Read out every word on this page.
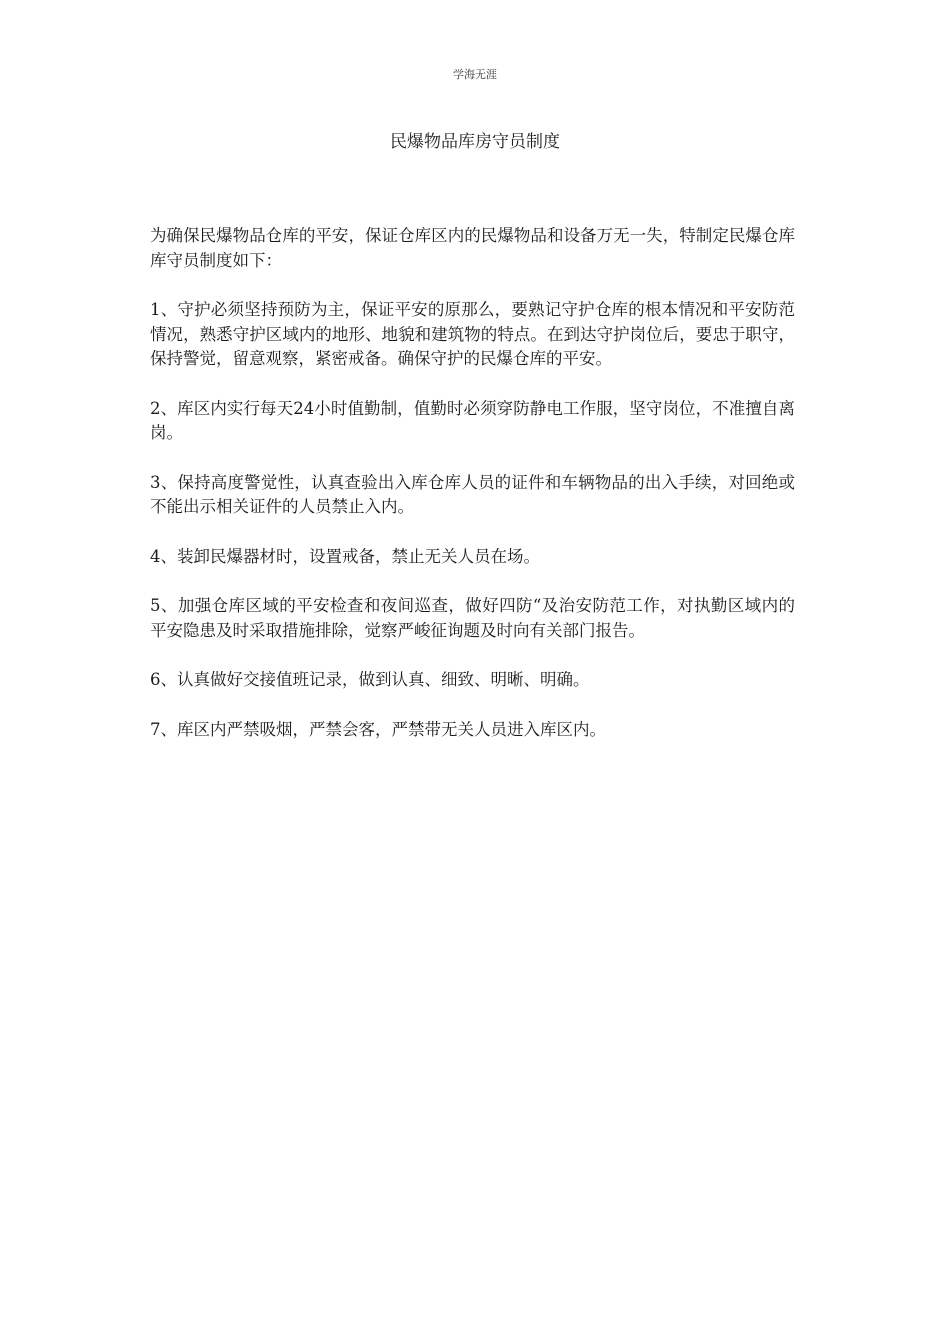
学海无涯
民爆物品库房守员制度

为确保民爆物品仓库的平安，保证仓库区内的民爆物品和设备万无一失，特制定民爆仓库库守员制度如下：

1、守护必须坚持预防为主，保证平安的原那么，要熟记守护仓库的根本情况和平安防范情况，熟悉守护区域内的地形、地貌和建筑物的特点。在到达守护岗位后，要忠于职守，保持警觉，留意观察，紧密戒备。确保守护的民爆仓库的平安。

2、库区内实行每天24小时值勤制，值勤时必须穿防静电工作服，坚守岗位，不准擅自离岗。

3、保持高度警觉性，认真查验出入库仓库人员的证件和车辆物品的出入手续，对回绝或不能出示相关证件的人员禁止入内。

4、装卸民爆器材时，设置戒备，禁止无关人员在场。

5、加强仓库区域的平安检查和夜间巡查，做好四防“及治安防范工作，对执勤区域内的平安隐患及时采取措施排除，觉察严峻征询题及时向有关部门报告。

6、认真做好交接值班记录，做到认真、细致、明晰、明确。

7、库区内严禁吸烟，严禁会客，严禁带无关人员进入库区内。
